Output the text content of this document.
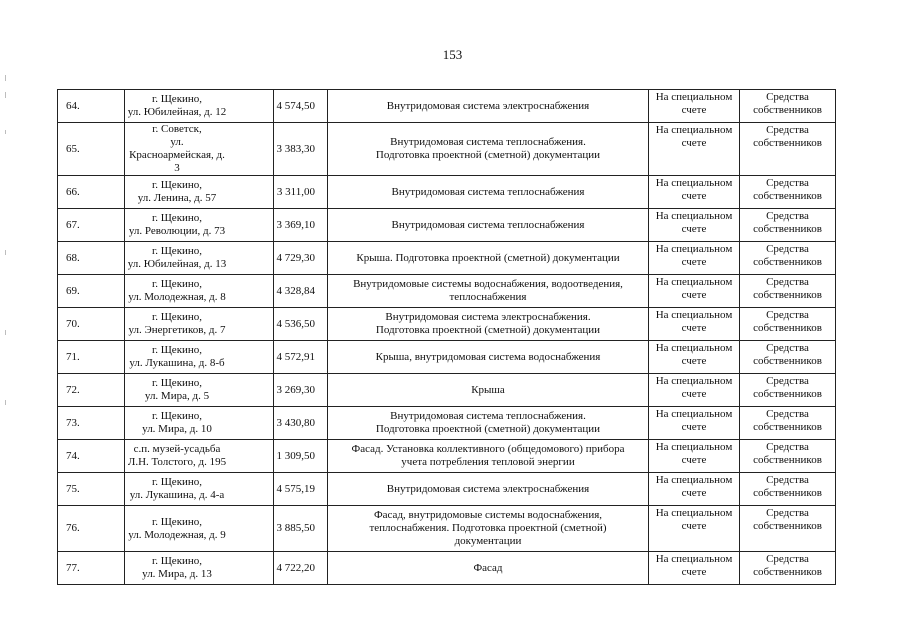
153
64.	г. Щекино,
ул. Юбилейная, д. 12	4 574,50	Внутридомовая система электроснабжения	На специальном
счете	Средства
собственников

65.	г. Советск,
ул. Красноармейская, д. 3	3 383,30	Внутридомовая система теплоснабжения.
Подготовка проектной (сметной) документации	На специальном
счете	Средства
собственников

66.	г. Щекино,
ул. Ленина, д. 57	3 311,00	Внутридомовая система теплоснабжения	На специальном
счете	Средства
собственников

67.	г. Щекино,
ул. Революции, д. 73	3 369,10	Внутридомовая система теплоснабжения	На специальном
счете	Средства
собственников

68.	г. Щекино,
ул. Юбилейная, д. 13	4 729,30	Крыша. Подготовка проектной (сметной) документации	На специальном
счете	Средства
собственников

69.	г. Щекино,
ул. Молодежная, д. 8	4 328,84	Внутридомовые системы водоснабжения, водоотведения,
теплоснабжения	На специальном
счете	Средства
собственников

70.	г. Щекино,
ул. Энергетиков, д. 7	4 536,50	Внутридомовая система электроснабжения.
Подготовка проектной (сметной) документации	На специальном
счете	Средства
собственников

71.	г. Щекино,
ул. Лукашина, д. 8-б	4 572,91	Крыша, внутридомовая система водоснабжения	На специальном
счете	Средства
собственников

72.	г. Щекино,
ул. Мира, д. 5	3 269,30	Крыша	На специальном
счете	Средства
собственников

73.	г. Щекино,
ул. Мира, д. 10	3 430,80	Внутридомовая система теплоснабжения.
Подготовка проектной (сметной) документации	На специальном
счете	Средства
собственников

74.	с.п. музей-усадьба
Л.Н. Толстого, д. 195	1 309,50	Фасад. Установка коллективного (общедомового) прибора
учета потребления тепловой энергии	На специальном
счете	Средства
собственников

75.	г. Щекино,
ул. Лукашина, д. 4-а	4 575,19	Внутридомовая система электроснабжения	На специальном
счете	Средства
собственников

76.	г. Щекино,
ул. Молодежная, д. 9	3 885,50	Фасад, внутридомовые системы водоснабжения,
теплоснабжения. Подготовка проектной (сметной)
документации	На специальном
счете	Средства
собственников

77.	г. Щекино,
ул. Мира, д. 13	4 722,20	Фасад	На специальном
счете	Средства
собственников
